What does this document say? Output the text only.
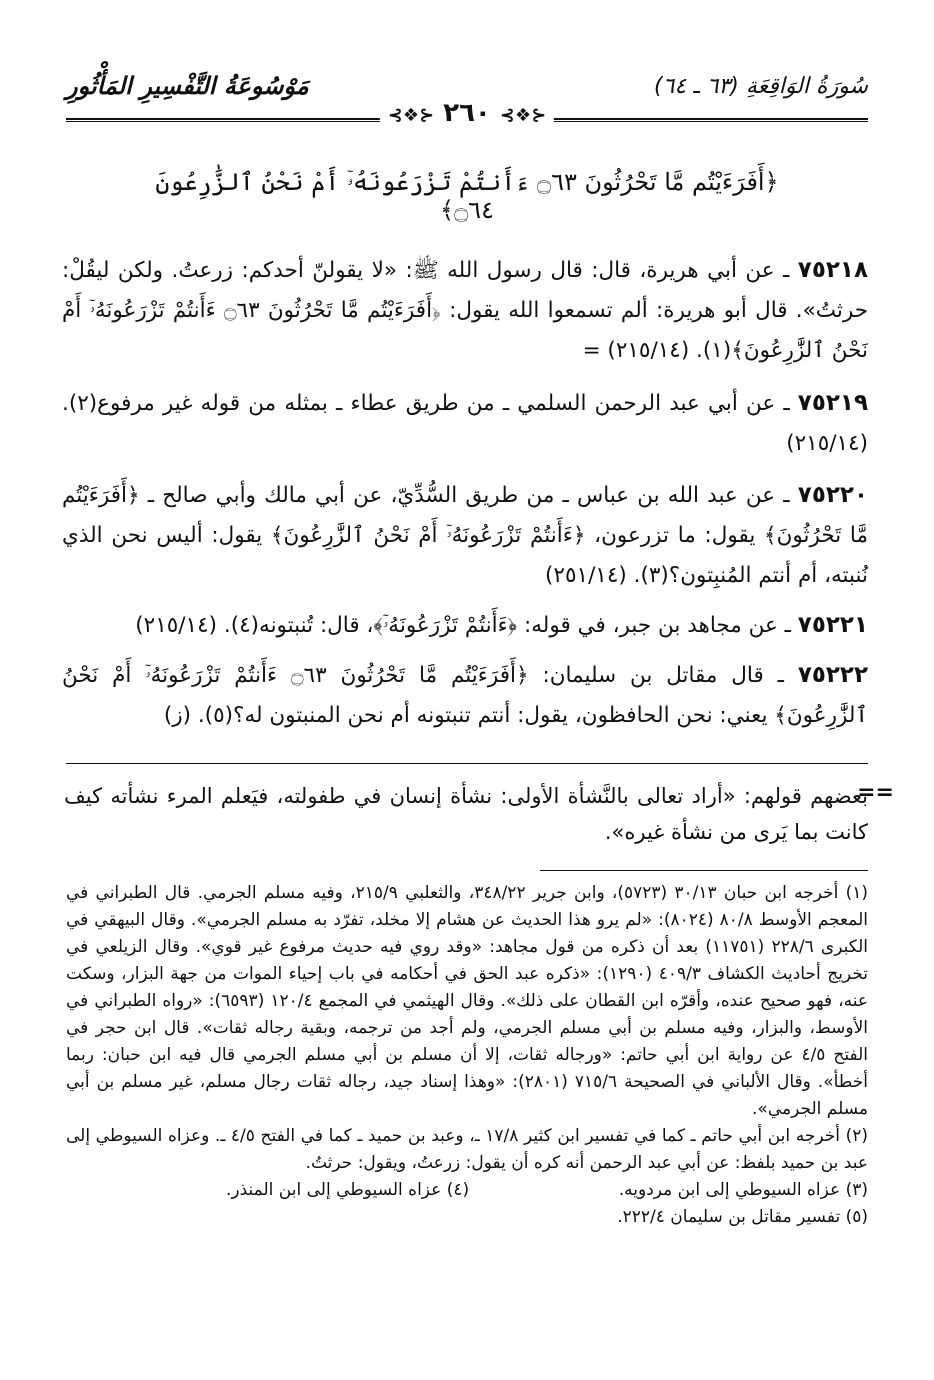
مَوْسُوعَةُ التَّفْسِيرِ المَأْثُورِ	سُورَةُ الوَاقِعَةِ (٦٣ ـ ٦٤)
⊰❖⊱ ٢٦٠ ⊰❖⊱
﴿أَفَرَءَيْتُم مَّا تَحْرُثُونَ ۝٦٣ ءَأَنتُمْ تَزْرَعُونَهُۥٓ أَمْ نَحْنُ ٱلزَّٰرِعُونَ ۝٦٤﴾
٧٥٢١٨ ـ عن أبي هريرة، قال: قال رسول الله ﷺ: «لا يقولنّ أحدكم: زرعتُ. ولكن ليقُلْ: حرثتُ». قال أبو هريرة: ألم تسمعوا الله يقول: ﴿أَفَرَءَيْتُم مَّا تَحْرُثُونَ ۝٦٣ ءَأَنتُمْ تَزْرَعُونَهُۥٓ أَمْ نَحْنُ ٱلزَّٰرِعُونَ﴾(١). (٢١٥/١٤) =
٧٥٢١٩ ـ عن أبي عبد الرحمن السلمي ـ من طريق عطاء ـ بمثله من قوله غير مرفوع(٢). (٢١٥/١٤)
٧٥٢٢٠ ـ عن عبد الله بن عباس ـ من طريق السُّدِّيّ، عن أبي مالك وأبي صالح ـ ﴿أَفَرَءَيْتُم مَّا تَحْرُثُونَ﴾ يقول: ما تزرعون، ﴿ءَأَنتُمْ تَزْرَعُونَهُۥٓ أَمْ نَحْنُ ٱلزَّٰرِعُونَ﴾ يقول: أليس نحن الذي نُنبته، أم أنتم المُنبِتون؟(٣). (٢٥١/١٤)
٧٥٢٢١ ـ عن مجاهد بن جبر، في قوله: ﴿ءَأَنتُمْ تَزْرَعُونَهُۥٓ﴾، قال: تُنبتونه(٤). (٢١٥/١٤)
٧٥٢٢٢ ـ قال مقاتل بن سليمان: ﴿أَفَرَءَيْتُم مَّا تَحْرُثُونَ ۝٦٣ ءَأَنتُمْ تَزْرَعُونَهُۥٓ أَمْ نَحْنُ ٱلزَّٰرِعُونَ﴾ يعني: نحن الحافظون، يقول: أنتم تنبتونه أم نحن المنبتون له؟(٥). (ز)
==
بعضهم قولهم: «أراد تعالى بالنَّشأة الأولى: نشأة إنسان في طفولته، فيَعلم المرء نشأته كيف كانت بما يَرى من نشأة غيره».
(١) أخرجه ابن حبان ٣٠/١٣ (٥٧٢٣)، وابن جرير ٣٤٨/٢٢، والثعلبي ٢١٥/٩، وفيه مسلم الجرمي. قال الطبراني في المعجم الأوسط ٨٠/٨ (٨٠٢٤): «لم يرو هذا الحديث عن هشام إلا مخلد، تفرّد به مسلم الجرمي». وقال البيهقي في الكبرى ٢٢٨/٦ (١١٧٥١) بعد أن ذكره من قول مجاهد: «وقد روي فيه حديث مرفوع غير قوي». وقال الزيلعي في تخريج أحاديث الكشاف ٤٠٩/٣ (١٢٩٠): «ذكره عبد الحق في أحكامه في باب إحياء الموات من جهة البزار، وسكت عنه، فهو صحيح عنده، وأقرّه ابن القطان على ذلك». وقال الهيثمي في المجمع ١٢٠/٤ (٦٥٩٣): «رواه الطبراني في الأوسط، والبزار، وفيه مسلم بن أبي مسلم الجرمي، ولم أجد من ترجمه، وبقية رجاله ثقات». قال ابن حجر في الفتح ٤/٥ عن رواية ابن أبي حاتم: «ورجاله ثقات، إلا أن مسلم بن أبي مسلم الجرمي قال فيه ابن حبان: ربما أخطأ». وقال الألباني في الصحيحة ٧١٥/٦ (٢٨٠١): «وهذا إسناد جيد، رجاله ثقات رجال مسلم، غير مسلم بن أبي مسلم الجرمي».
(٢) أخرجه ابن أبي حاتم ـ كما في تفسير ابن كثير ١٧/٨ ـ، وعبد بن حميد ـ كما في الفتح ٤/٥ ـ. وعزاه السيوطي إلى عبد بن حميد بلفظ: عن أبي عبد الرحمن أنه كره أن يقول: زرعتُ، ويقول: حرثتُ.
(٣) عزاه السيوطي إلى ابن مردويه.
(٤) عزاه السيوطي إلى ابن المنذر.
(٥) تفسير مقاتل بن سليمان ٢٢٢/٤.
